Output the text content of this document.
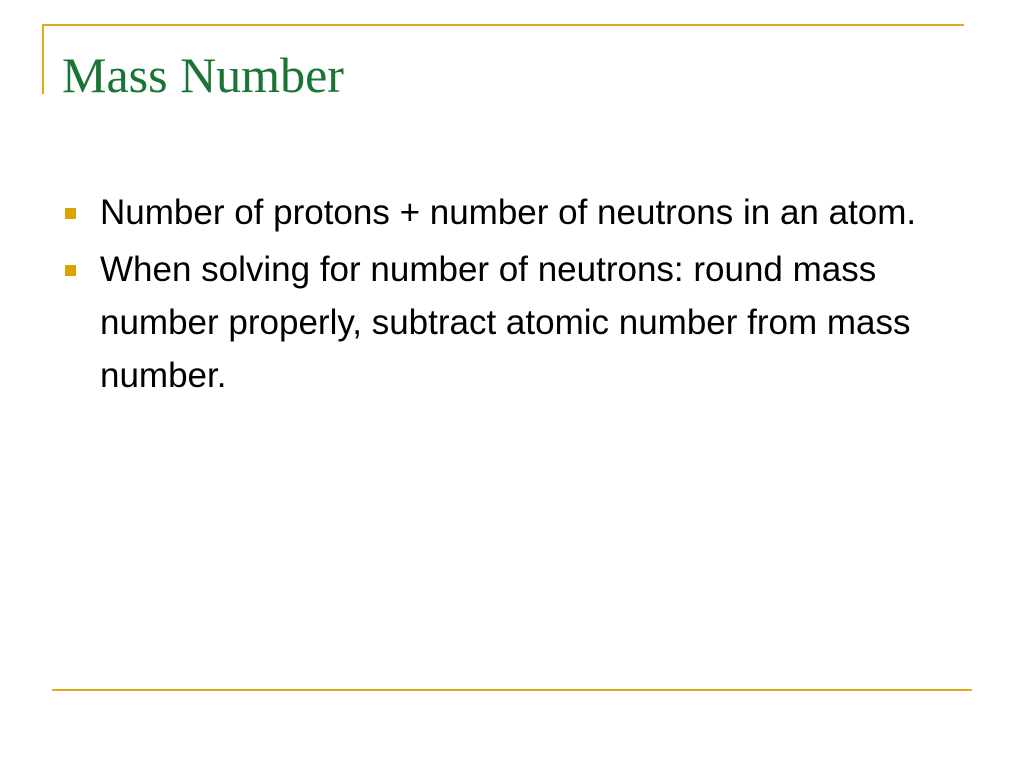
Mass Number
Number of protons + number of neutrons in an atom.
When solving for number of neutrons: round mass number properly, subtract atomic number from mass number.
